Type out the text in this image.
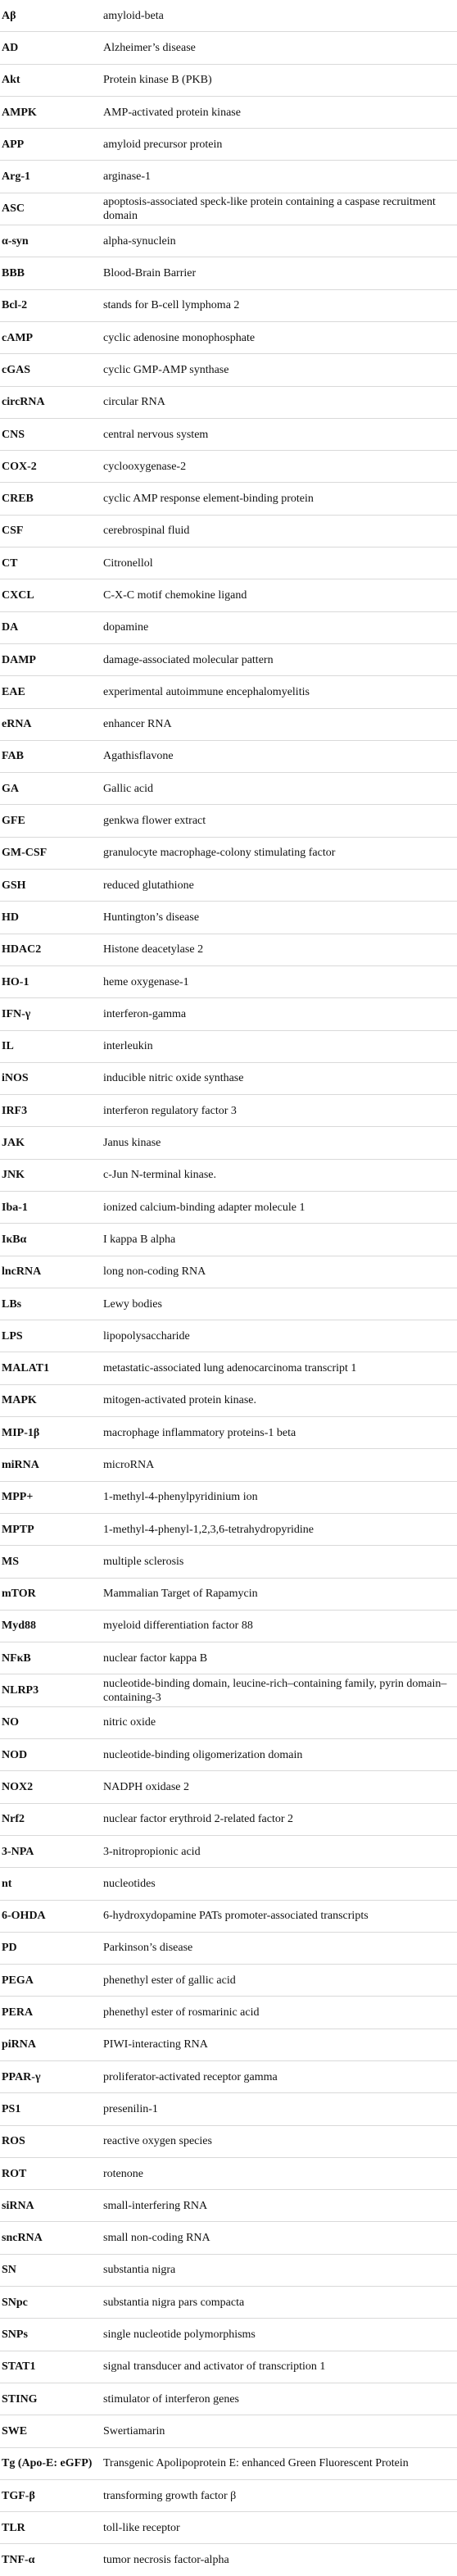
Aβ	amyloid-beta
AD	Alzheimer’s disease
Akt	Protein kinase B (PKB)
AMPK	AMP-activated protein kinase
APP	amyloid precursor protein
Arg-1	arginase-1
ASC	apoptosis-associated speck-like protein containing a caspase recruitment domain
α-syn	alpha-synuclein
BBB	Blood-Brain Barrier
Bcl-2	stands for B-cell lymphoma 2
cAMP	cyclic adenosine monophosphate
cGAS	cyclic GMP-AMP synthase
circRNA	circular RNA
CNS	central nervous system
COX-2	cyclooxygenase-2
CREB	cyclic AMP response element-binding protein
CSF	cerebrospinal fluid
CT	Citronellol
CXCL	C-X-C motif chemokine ligand
DA	dopamine
DAMP	damage-associated molecular pattern
EAE	experimental autoimmune encephalomyelitis
eRNA	enhancer RNA
FAB	Agathisflavone
GA	Gallic acid
GFE	genkwa flower extract
GM-CSF	granulocyte macrophage-colony stimulating factor
GSH	reduced glutathione
HD	Huntington’s disease
HDAC2	Histone deacetylase 2
HO-1	heme oxygenase-1
IFN-γ	interferon-gamma
IL	interleukin
iNOS	inducible nitric oxide synthase
IRF3	interferon regulatory factor 3
JAK	Janus kinase
JNK	c-Jun N-terminal kinase.
Iba-1	ionized calcium-binding adapter molecule 1
IκBα	I kappa B alpha
lncRNA	long non-coding RNA
LBs	Lewy bodies
LPS	lipopolysaccharide
MALAT1	metastatic-associated lung adenocarcinoma transcript 1
MAPK	mitogen-activated protein kinase.
MIP-1β	macrophage inflammatory proteins-1 beta
miRNA	microRNA
MPP+	1-methyl-4-phenylpyridinium ion
MPTP	1-methyl-4-phenyl-1,2,3,6-tetrahydropyridine
MS	multiple sclerosis
mTOR	Mammalian Target of Rapamycin
Myd88	myeloid differentiation factor 88
NFκB	nuclear factor kappa B
NLRP3	nucleotide-binding domain, leucine-rich–containing family, pyrin domain–containing-3
NO	nitric oxide
NOD	nucleotide-binding oligomerization domain
NOX2	NADPH oxidase 2
Nrf2	nuclear factor erythroid 2-related factor 2
3-NPA	3-nitropropionic acid
nt	nucleotides
6-OHDA	6-hydroxydopamine PATs promoter-associated transcripts
PD	Parkinson’s disease
PEGA	phenethyl ester of gallic acid
PERA	phenethyl ester of rosmarinic acid
piRNA	PIWI-interacting RNA
PPAR-γ	proliferator-activated receptor gamma
PS1	presenilin-1
ROS	reactive oxygen species
ROT	rotenone
siRNA	small-interfering RNA
sncRNA	small non-coding RNA
SN	substantia nigra
SNpc	substantia nigra pars compacta
SNPs	single nucleotide polymorphisms
STAT1	signal transducer and activator of transcription 1
STING	stimulator of interferon genes
SWE	Swertiamarin
Tg (Apo-E: eGFP)	Transgenic Apolipoprotein E: enhanced Green Fluorescent Protein
TGF-β	transforming growth factor β
TLR	toll-like receptor
TNF-α	tumor necrosis factor-alpha
